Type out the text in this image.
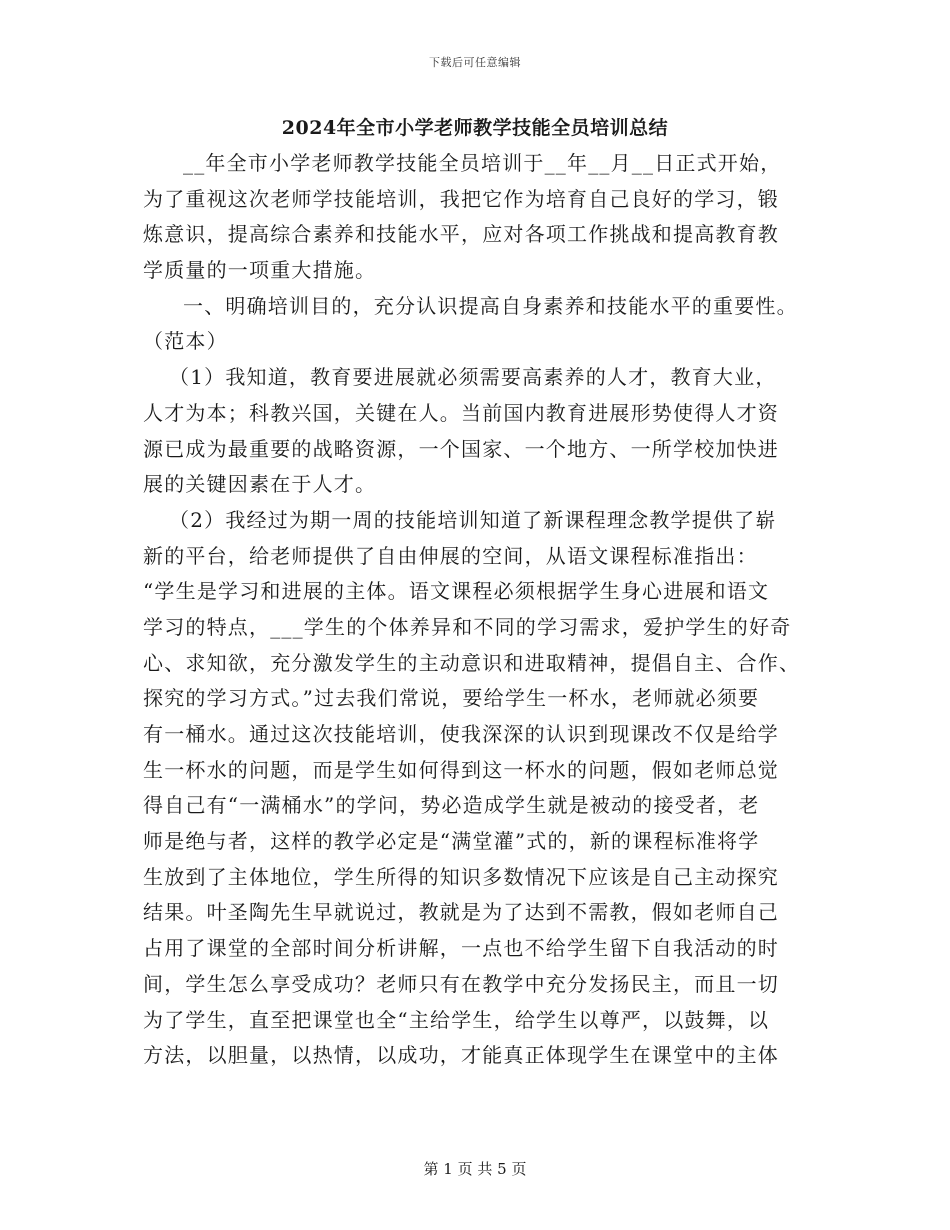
下载后可任意编辑
2024年全市小学老师教学技能全员培训总结
__年全市小学老师教学技能全员培训于__年__月__日正式开始，
为了重视这次老师学技能培训，我把它作为培育自己良好的学习，锻
炼意识，提高综合素养和技能水平，应对各项工作挑战和提高教育教
学质量的一项重大措施。
一、明确培训目的，充分认识提高自身素养和技能水平的重要性。
（范本）
（1）我知道，教育要进展就必须需要高素养的人才，教育大业，
人才为本；科教兴国，关键在人。当前国内教育进展形势使得人才资
源已成为最重要的战略资源，一个国家、一个地方、一所学校加快进
展的关键因素在于人才。
（2）我经过为期一周的技能培训知道了新课程理念教学提供了崭
新的平台，给老师提供了自由伸展的空间，从语文课程标准指出：
“学生是学习和进展的主体。语文课程必须根据学生身心进展和语文
学习的特点，___学生的个体养异和不同的学习需求，爱护学生的好奇
心、求知欲，充分激发学生的主动意识和进取精神，提倡自主、合作、
探究的学习方式。”过去我们常说，要给学生一杯水，老师就必须要
有一桶水。通过这次技能培训，使我深深的认识到现课改不仅是给学
生一杯水的问题，而是学生如何得到这一杯水的问题，假如老师总觉
得自己有“一满桶水”的学问，势必造成学生就是被动的接受者，老
师是绝与者，这样的教学必定是“满堂灌”式的，新的课程标准将学
生放到了主体地位，学生所得的知识多数情况下应该是自己主动探究
结果。叶圣陶先生早就说过，教就是为了达到不需教，假如老师自己
占用了课堂的全部时间分析讲解，一点也不给学生留下自我活动的时
间，学生怎么享受成功？老师只有在教学中充分发扬民主，而且一切
为了学生，直至把课堂也全“主给学生，给学生以尊严，以鼓舞，以
方法，以胆量，以热情，以成功，才能真正体现学生在课堂中的主体
第 1 页 共 5 页
